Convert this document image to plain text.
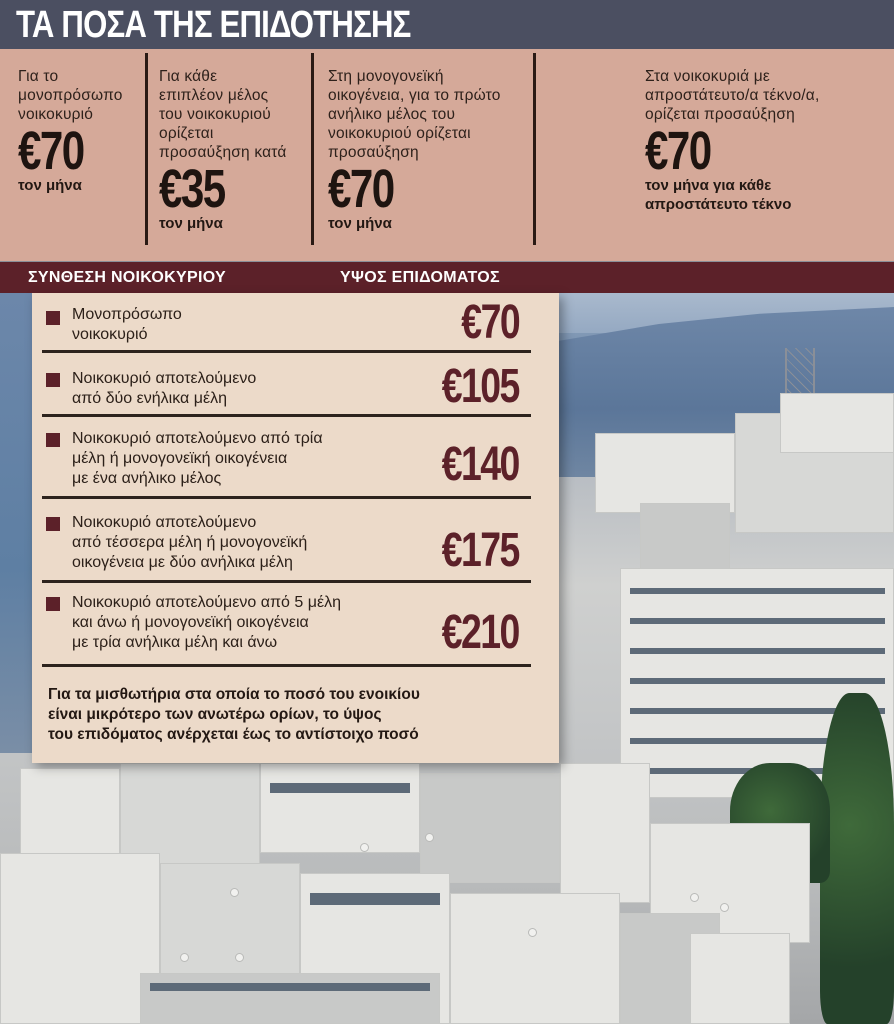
ΤΑ ΠΟΣΑ ΤΗΣ ΕΠΙΔΟΤΗΣΗΣ
Για το
μονοπρόσωπο
νοικοκυριό
€70
τον μήνα
Για κάθε
επιπλέον μέλος
του νοικοκυριού
ορίζεται
προσαύξηση κατά
€35
τον μήνα
Στη μονογονεϊκή
οικογένεια, για το πρώτο
ανήλικο μέλος του
νοικοκυριού ορίζεται
προσαύξηση
€70
τον μήνα
Στα νοικοκυριά με
απροστάτευτο/α τέκνο/α,
ορίζεται προσαύξηση
€70
τον μήνα για κάθε
απροστάτευτο τέκνο
ΣΥΝΘΕΣΗ ΝΟΙΚΟΚΥΡΙΟΥ	ΥΨΟΣ ΕΠΙΔΟΜΑΤΟΣ
Μονοπρόσωπο
νοικοκυριό	€70
Νοικοκυριό αποτελούμενο
από δύο ενήλικα μέλη	€105
Νοικοκυριό αποτελούμενο από τρία
μέλη ή μονογονεϊκή οικογένεια
με ένα ανήλικο μέλος	€140
Νοικοκυριό αποτελούμενο
από τέσσερα μέλη ή μονογονεϊκή
οικογένεια με δύο ανήλικα μέλη	€175
Νοικοκυριό αποτελούμενο από 5 μέλη
και άνω ή μονογονεϊκή οικογένεια
με τρία ανήλικα μέλη και άνω	€210
Για τα μισθωτήρια στα οποία το ποσό του ενοικίου
είναι μικρότερο των ανωτέρω ορίων, το ύψος
του επιδόματος ανέρχεται έως το αντίστοιχο ποσό
